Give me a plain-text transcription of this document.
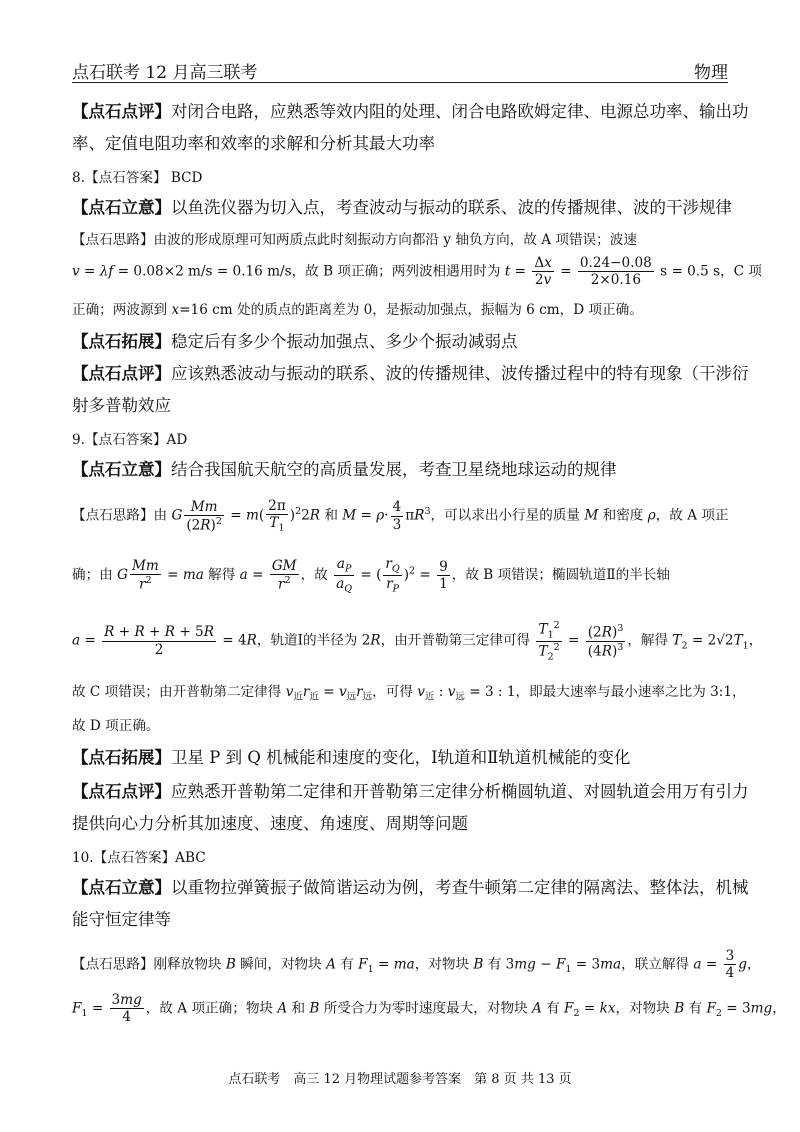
点石联考 12 月高三联考	物理
【点石点评】对闭合电路，应熟悉等效内阻的处理、闭合电路欧姆定律、电源总功率、输出功
率、定值电阻功率和效率的求解和分析其最大功率
8.【点石答案】 BCD
【点石立意】以鱼洗仪器为切入点，考查波动与振动的联系、波的传播规律、波的干涉规律
【点石思路】由波的形成原理可知两质点此时刻振动方向都沿 y 轴负方向，故 A 项错误；波速
v = λf = 0.08×2 m/s = 0.16 m/s，故 B 项正确；两列波相遇用时为 $t = \frac{\Delta x}{2v} = \frac{0.24-0.08}{2\times 0.16}$ s = 0.5 s，C 项
正确；两波源到 x=16 cm 处的质点的距离差为 0，是振动加强点，振幅为 6 cm，D 项正确。
【点石拓展】稳定后有多少个振动加强点、多少个振动减弱点
【点石点评】应该熟悉波动与振动的联系、波的传播规律、波传播过程中的特有现象（干涉衍
射多普勒效应
9.【点石答案】AD
【点石立意】结合我国航天航空的高质量发展，考查卫星绕地球运动的规律
【点石思路】由 G $\frac{Mm}{(2R)^2} = m( \frac{2\pi}{T_1} )^22R$ 和 $M = \rho\cdot \frac{4}{3} \pi R^3$，可以求出小行星的质量 M 和密度 ρ，故 A 项正
确；由 G $\frac{Mm}{r^2}$ = ma 解得 $a = \frac{GM}{r^2}$ ，故 $\frac{a_P}{a_Q}$ = ( $\frac{r_Q}{r_P} )^2 = \frac{9}{1}$ ，故 B 项错误；椭圆轨道Ⅱ的半长轴
$a = \frac{R + R + R + 5R}{2} = 4R$，轨道Ⅰ的半径为 2R，由开普勒第三定律可得 $\frac{T_1^2}{T_2^2} = \frac{(2R)^3}{(4R)^3}$ ，解得 $T_2 = 2√2T_1$，
故 C 项错误；由开普勒第二定律得 $v_近r_近 = v_远r_远$，可得 $v_近$ : $v_远 = 3$ : 1，即最大速率与最小速率之比为 3:1，
故 D 项正确。
【点石拓展】卫星 P 到 Q 机械能和速度的变化，Ⅰ轨道和Ⅱ轨道机械能的变化
【点石点评】应熟悉开普勒第二定律和开普勒第三定律分析椭圆轨道、对圆轨道会用万有引力
提供向心力分析其加速度、速度、角速度、周期等问题
10.【点石答案】ABC
【点石立意】以重物拉弹簧振子做简谐运动为例，考查牛顿第二定律的隔离法、整体法，机械
能守恒定律等
【点石思路】刚释放物块 B 瞬间，对物块 A 有 $F_1$ = ma，对物块 B 有 $3mg - F_1 = 3ma$，联立解得 $a = \frac{3}{4}$ g，
$F_1 = \frac{3mg}{4}$ ，故 A 项正确；物块 A 和 B 所受合力为零时速度最大，对物块 A 有 $F_2$ = kx，对物块 B 有 $F_2 = 3mg$，
点石联考　高三 12 月物理试题参考答案　第 8 页 共 13 页
